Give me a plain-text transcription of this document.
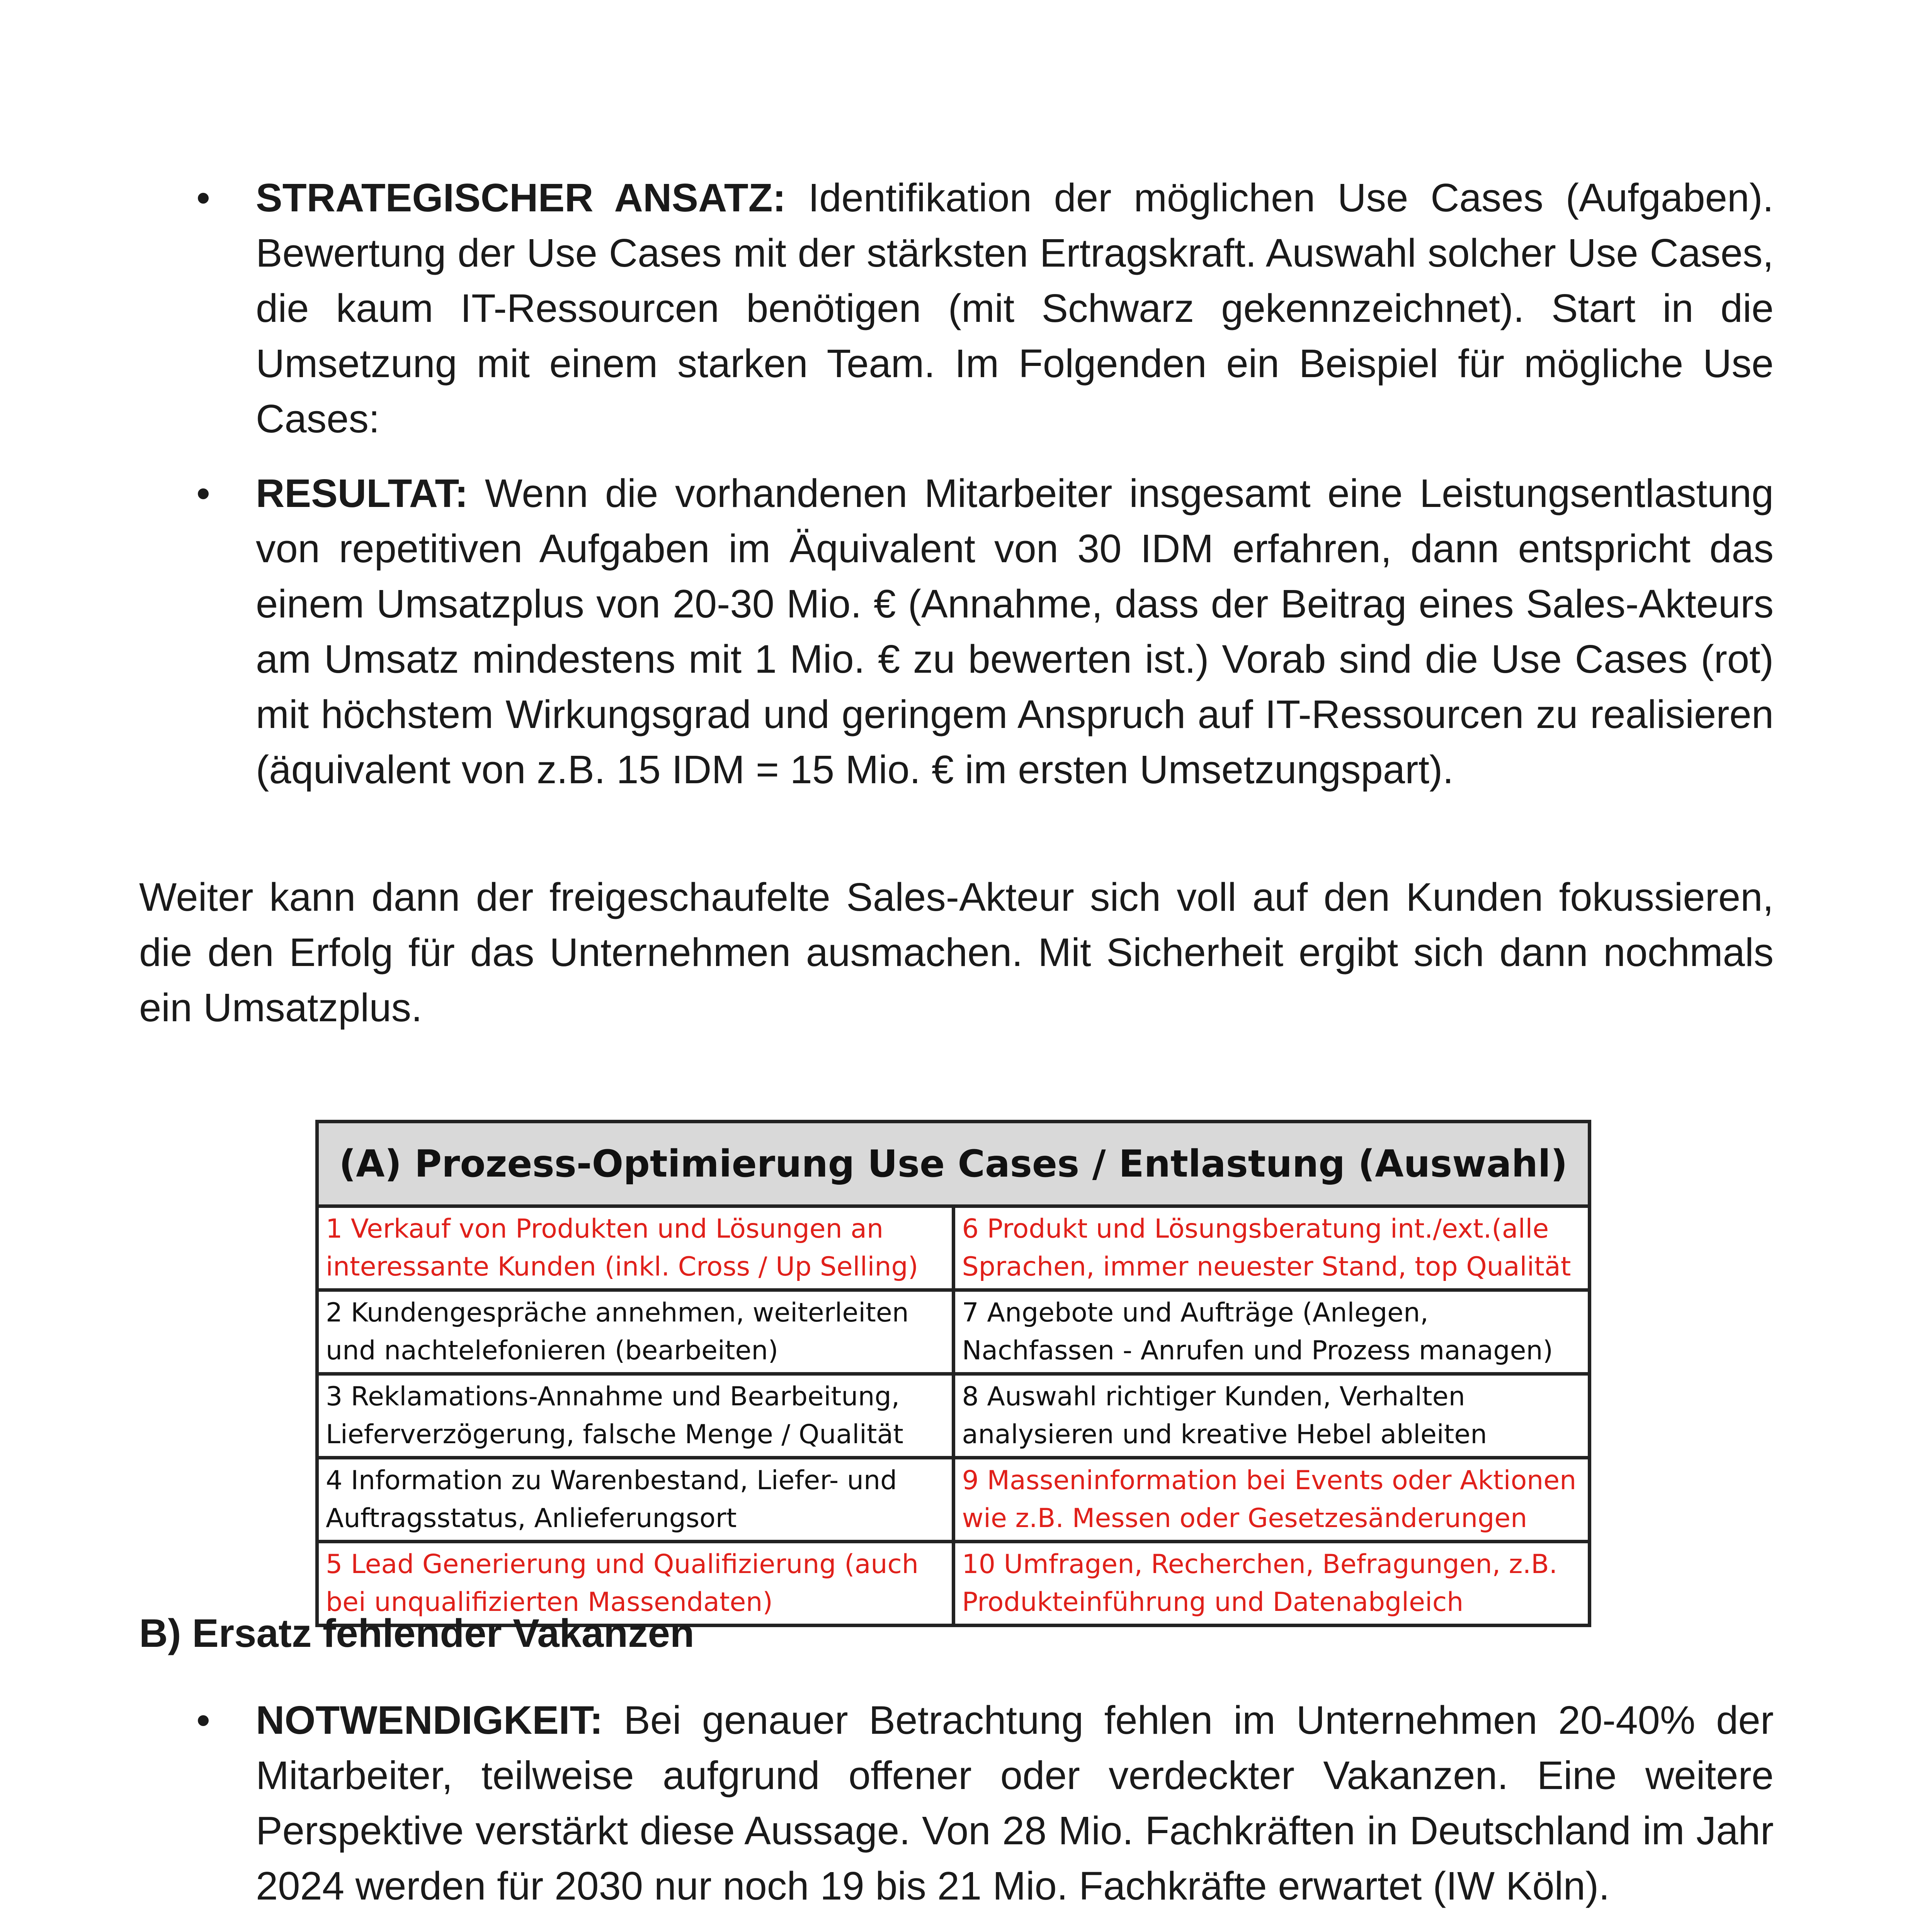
• STRATEGISCHER ANSATZ: Identifikation der möglichen Use Cases (Aufgaben). Bewertung der Use Cases mit der stärksten Ertragskraft. Auswahl solcher Use Cases, die kaum IT-Ressourcen benötigen (mit Schwarz gekennzeichnet). Start in die Umsetzung mit einem starken Team. Im Folgenden ein Beispiel für mögliche Use Cases:
• RESULTAT: Wenn die vorhandenen Mitarbeiter insgesamt eine Leistungsentlastung von repetitiven Aufgaben im Äquivalent von 30 IDM erfahren, dann entspricht das einem Umsatzplus von 20-30 Mio. € (Annahme, dass der Beitrag eines Sales-Akteurs am Umsatz mindestens mit 1 Mio. € zu bewerten ist.) Vorab sind die Use Cases (rot) mit höchstem Wirkungsgrad und geringem Anspruch auf IT-Ressourcen zu realisieren (äquivalent von z.B. 15 IDM = 15 Mio. € im ersten Umsetzungspart).

Weiter kann dann der freigeschaufelte Sales-Akteur sich voll auf den Kunden fokussieren, die den Erfolg für das Unternehmen ausmachen. Mit Sicherheit ergibt sich dann nochmals ein Umsatzplus.

(A) Prozess-Optimierung Use Cases / Entlastung (Auswahl)	
1 Verkauf von Produkten und Lösungen an interessante Kunden (inkl. Cross / Up Selling)	6 Produkt und Lösungsberatung int./ext.(alle Sprachen, immer neuester Stand, top Qualität
2 Kundengespräche annehmen, weiterleiten und nachtelefonieren (bearbeiten)	7 Angebote und Aufträge (Anlegen, Nachfassen - Anrufen und Prozess managen)
3 Reklamations-Annahme und Bearbeitung, Lieferverzögerung, falsche Menge / Qualität	8 Auswahl richtiger Kunden, Verhalten analysieren und kreative Hebel ableiten
4 Information zu Warenbestand, Liefer- und Auftragsstatus, Anlieferungsort	9 Masseninformation bei Events oder Aktionen wie z.B. Messen oder Gesetzesänderungen
5 Lead Generierung und Qualifizierung (auch bei unqualifizierten Massendaten)	10 Umfragen, Recherchen, Befragungen, z.B. Produkteinführung und Datenabgleich
B) Ersatz fehlender Vakanzen
• NOTWENDIGKEIT: Bei genauer Betrachtung fehlen im Unternehmen 20-40% der Mitarbeiter, teilweise aufgrund offener oder verdeckter Vakanzen. Eine weitere Perspektive verstärkt diese Aussage. Von 28 Mio. Fachkräften in Deutschland im Jahr 2024 werden für 2030 nur noch 19 bis 21 Mio. Fachkräfte erwartet (IW Köln).
